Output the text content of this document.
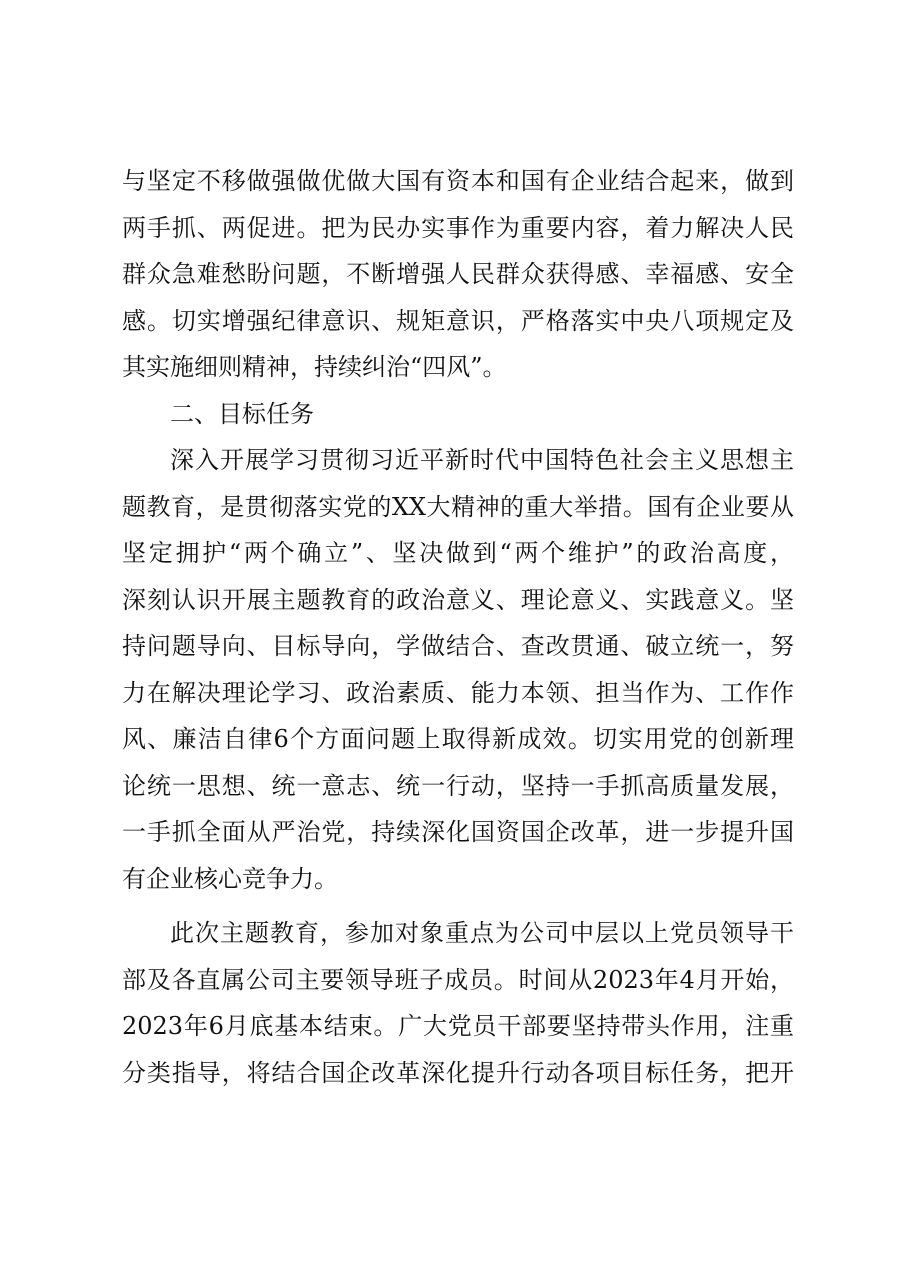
与坚定不移做强做优做大国有资本和国有企业结合起来，做到
两手抓、两促进。把为民办实事作为重要内容，着力解决人民
群众急难愁盼问题，不断增强人民群众获得感、幸福感、安全
感。切实增强纪律意识、规矩意识，严格落实中央八项规定及
其实施细则精神，持续纠治“四风”。
二、目标任务
深入开展学习贯彻习近平新时代中国特色社会主义思想主
题教育，是贯彻落实党的XX大精神的重大举措。国有企业要从
坚定拥护“两个确立”、坚决做到“两个维护”的政治高度，
深刻认识开展主题教育的政治意义、理论意义、实践意义。坚
持问题导向、目标导向，学做结合、查改贯通、破立统一，努
力在解决理论学习、政治素质、能力本领、担当作为、工作作
风、廉洁自律6个方面问题上取得新成效。切实用党的创新理
论统一思想、统一意志、统一行动，坚持一手抓高质量发展，
一手抓全面从严治党，持续深化国资国企改革，进一步提升国
有企业核心竞争力。
此次主题教育，参加对象重点为公司中层以上党员领导干
部及各直属公司主要领导班子成员。时间从2023年4月开始，
2023年6月底基本结束。广大党员干部要坚持带头作用，注重
分类指导，将结合国企改革深化提升行动各项目标任务，把开
